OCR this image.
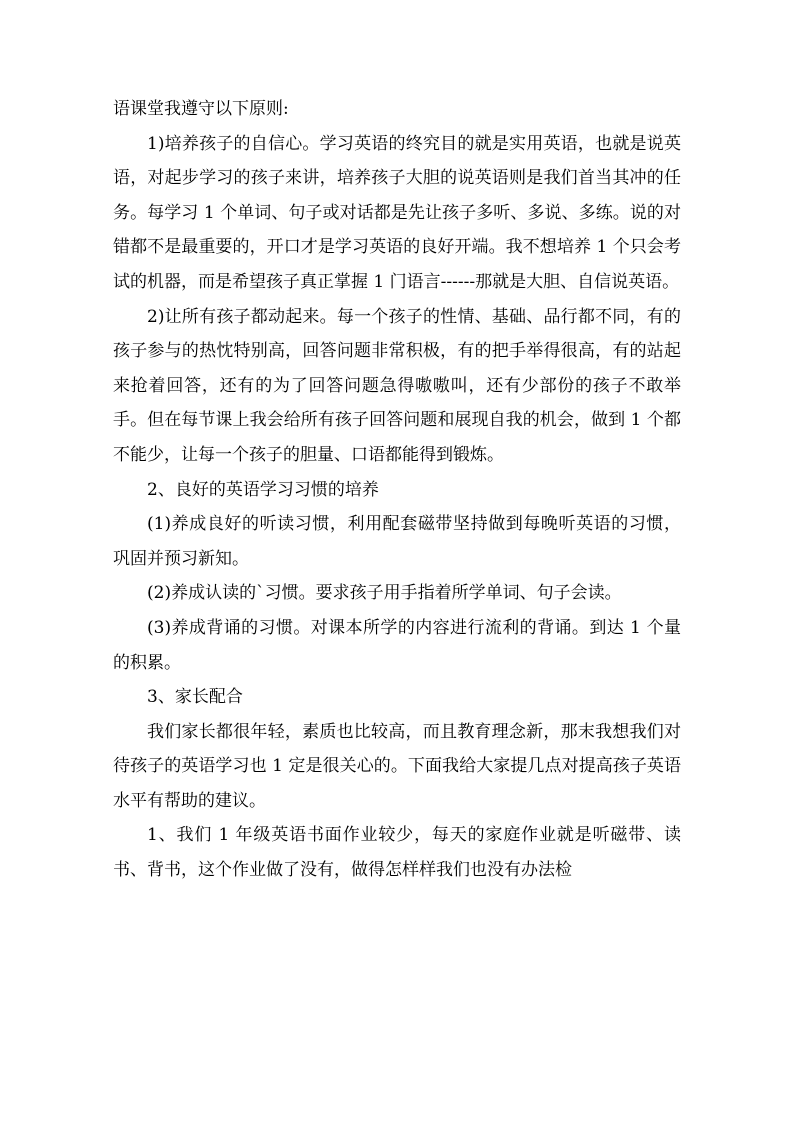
语课堂我遵守以下原则:

1)培养孩子的自信心。学习英语的终究目的就是实用英语，也就是说英语，对起步学习的孩子来讲，培养孩子大胆的说英语则是我们首当其冲的任务。每学习 1 个单词、句子或对话都是先让孩子多听、多说、多练。说的对错都不是最重要的，开口才是学习英语的良好开端。我不想培养 1 个只会考试的机器，而是希望孩子真正掌握 1 门语言------那就是大胆、自信说英语。

2)让所有孩子都动起来。每一个孩子的性情、基础、品行都不同，有的孩子参与的热忱特别高，回答问题非常积极，有的把手举得很高，有的站起来抢着回答，还有的为了回答问题急得嗷嗷叫，还有少部份的孩子不敢举手。但在每节课上我会给所有孩子回答问题和展现自我的机会，做到 1 个都不能少，让每一个孩子的胆量、口语都能得到锻炼。

2、良好的英语学习习惯的培养

(1)养成良好的听读习惯，利用配套磁带坚持做到每晚听英语的习惯，巩固并预习新知。

(2)养成认读的`习惯。要求孩子用手指着所学单词、句子会读。

(3)养成背诵的习惯。对课本所学的内容进行流利的背诵。到达 1 个量的积累。

3、家长配合

我们家长都很年轻，素质也比较高，而且教育理念新，那末我想我们对待孩子的英语学习也 1 定是很关心的。下面我给大家提几点对提高孩子英语水平有帮助的建议。

1、我们 1 年级英语书面作业较少，每天的家庭作业就是听磁带、读书、背书，这个作业做了没有，做得怎样样我们也没有办法检
